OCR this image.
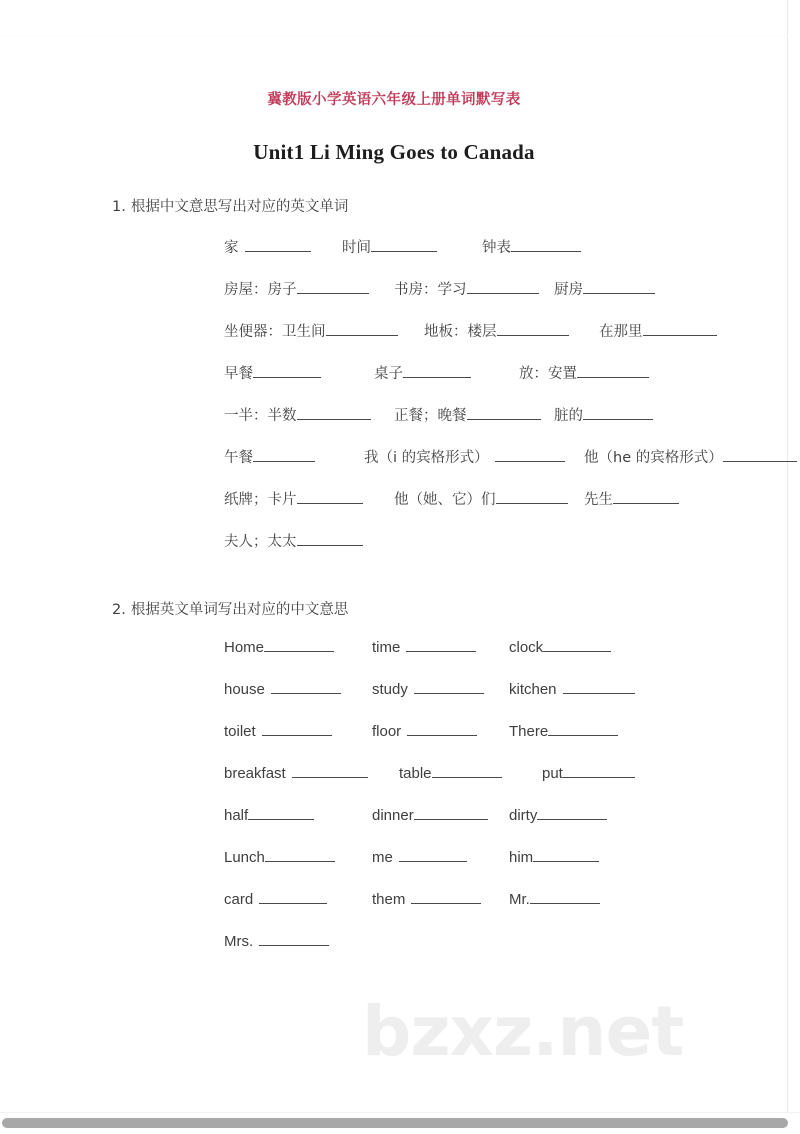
冀教版小学英语六年级上册单词默写表
Unit1 Li Ming Goes to Canada

1. 根据中文意思写出对应的英文单词

家	时间	钟表
房屋：房子	书房：学习	厨房
坐便器：卫生间	地板：楼层	在那里
早餐	桌子	放：安置
一半：半数	正餐；晚餐	脏的
午餐	我（i 的宾格形式）	他（he 的宾格形式）
纸牌；卡片	他（她、它）们	先生
夫人；太太

2. 根据英文单词写出对应的中文意思

Home	time	clock
house	study	kitchen
toilet	floor	There
breakfast	table	put
half	dinner	dirty
Lunch	me	him
card	them	Mr.
Mrs.
bzxz.net
